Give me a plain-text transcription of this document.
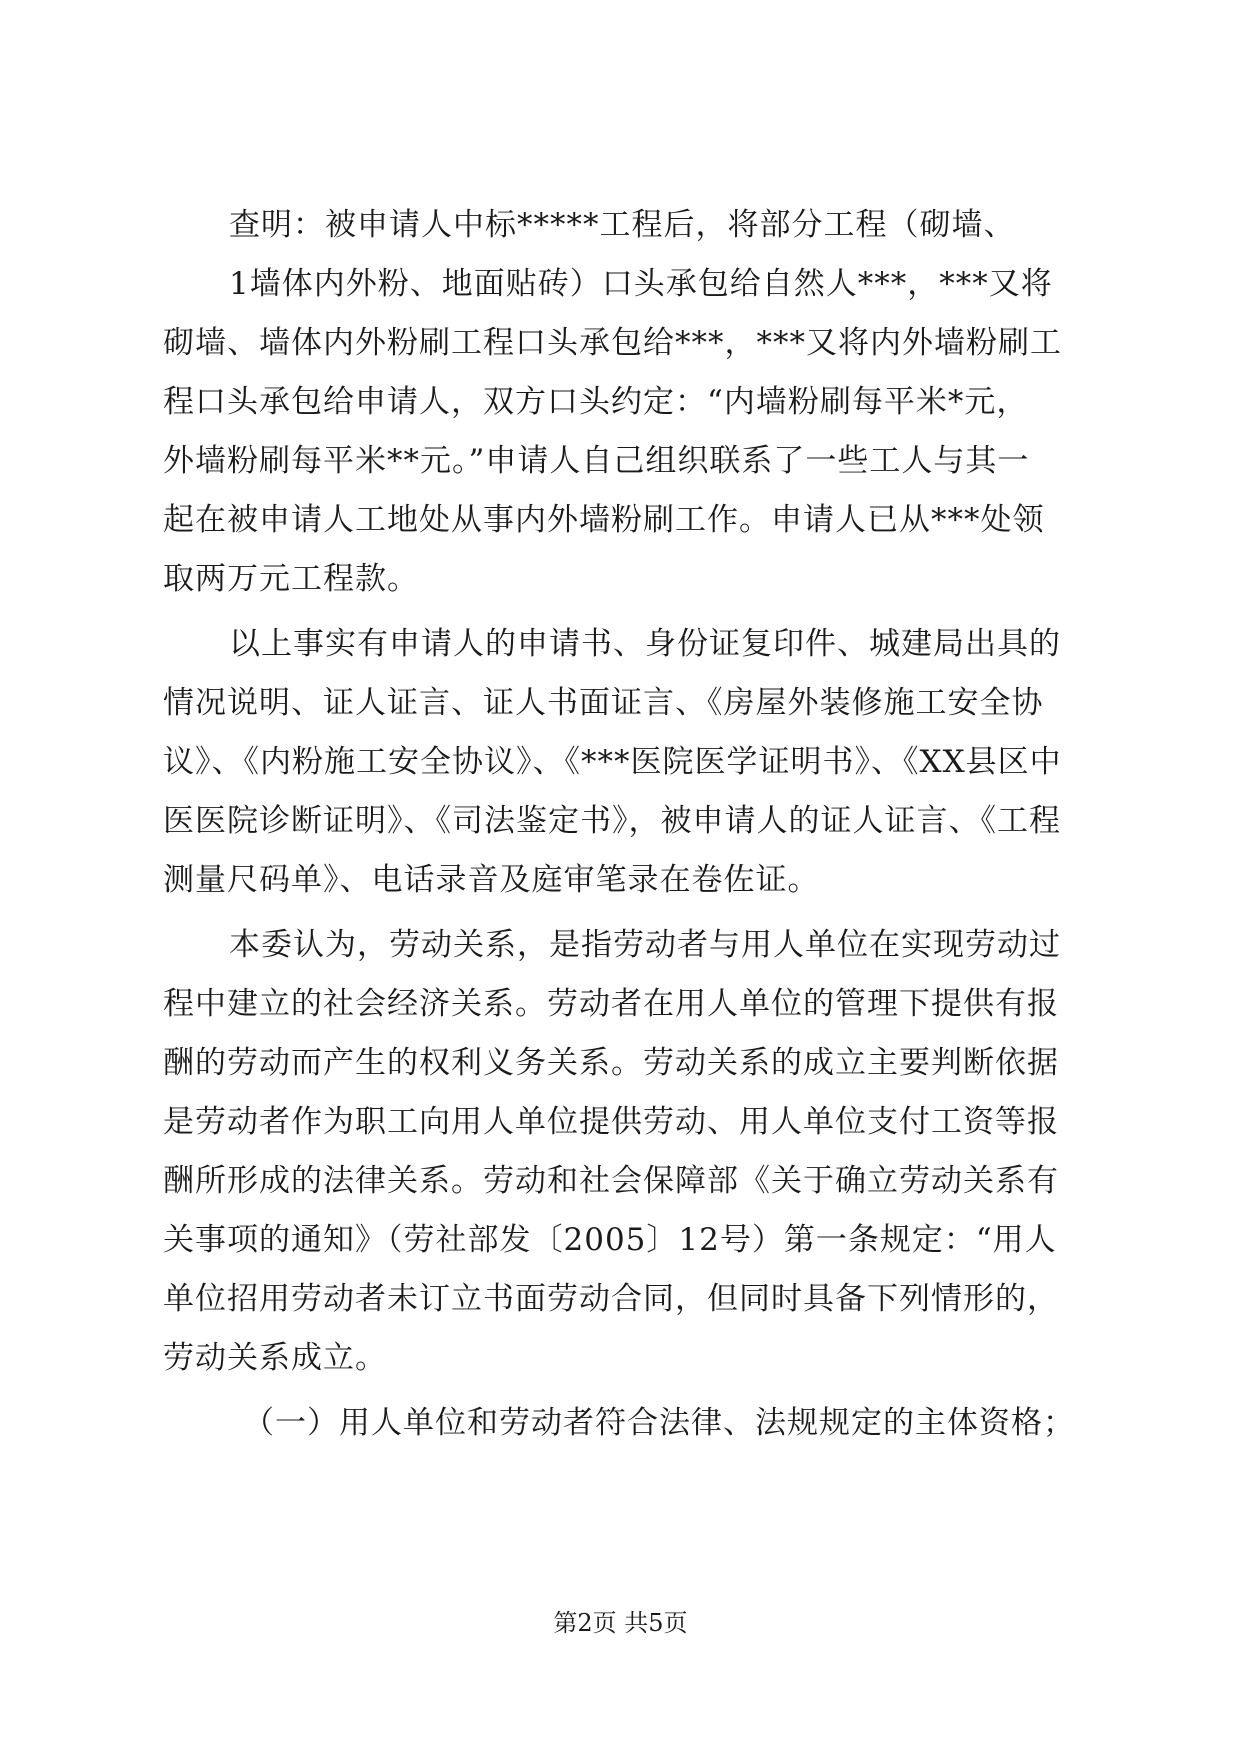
查明：被申请人中标*****工程后，将部分工程（砌墙、
1墙体内外粉、地面贴砖）口头承包给自然人***，***又将
砌墙、墙体内外粉刷工程口头承包给***，***又将内外墙粉刷工
程口头承包给申请人，双方口头约定：“内墙粉刷每平米*元，
外墙粉刷每平米**元。”申请人自己组织联系了一些工人与其一
起在被申请人工地处从事内外墙粉刷工作。申请人已从***处领
取两万元工程款。
以上事实有申请人的申请书、身份证复印件、城建局出具的
情况说明、证人证言、证人书面证言、《房屋外装修施工安全协
议》、《内粉施工安全协议》、《***医院医学证明书》、《XX县区中
医医院诊断证明》、《司法鉴定书》，被申请人的证人证言、《工程
测量尺码单》、电话录音及庭审笔录在卷佐证。
本委认为，劳动关系，是指劳动者与用人单位在实现劳动过
程中建立的社会经济关系。劳动者在用人单位的管理下提供有报
酬的劳动而产生的权利义务关系。劳动关系的成立主要判断依据
是劳动者作为职工向用人单位提供劳动、用人单位支付工资等报
酬所形成的法律关系。劳动和社会保障部《关于确立劳动关系有
关事项的通知》（劳社部发〔2005〕12号）第一条规定：“用人
单位招用劳动者未订立书面劳动合同，但同时具备下列情形的，
劳动关系成立。
（一）用人单位和劳动者符合法律、法规规定的主体资格；
第2页 共5页
